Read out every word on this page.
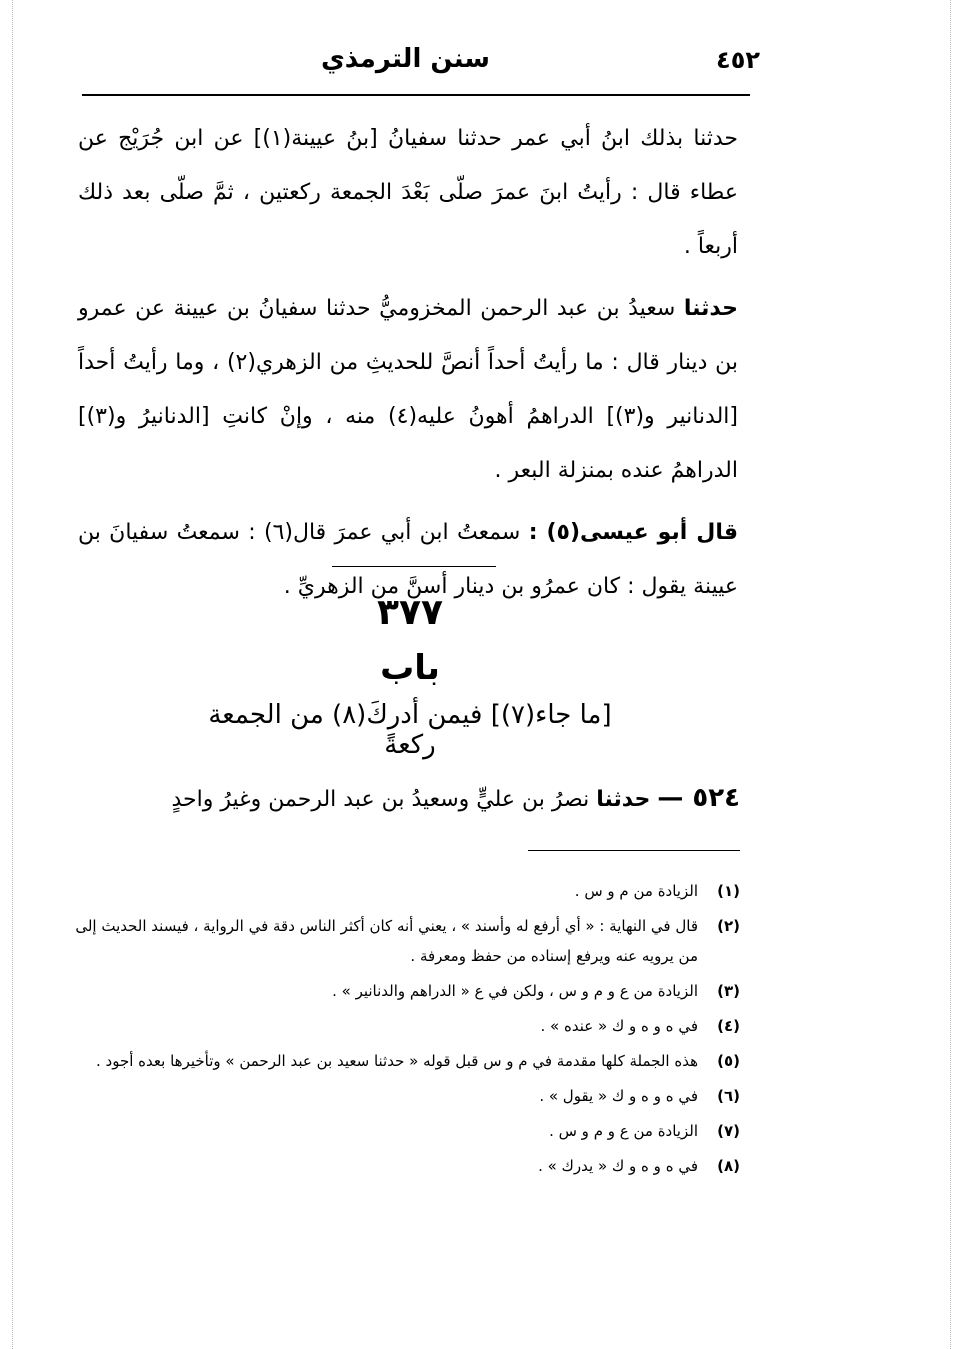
٤٥٢
سنن الترمذي

حدثنا بذلك ابنُ أبي عمر حدثنا سفيانُ [بنُ عيينة(١)] عن ابن جُرَيْج عن عطاء قال : رأيتُ ابنَ عمرَ صلّى بَعْدَ الجمعة ركعتين ، ثمَّ صلّى بعد ذلك أربعاً .

حدثنا سعيدُ بن عبد الرحمن المخزوميُّ حدثنا سفيانُ بن عيينة عن عمرو بن دينار قال : ما رأيتُ أحداً أنصَّ للحديثِ من الزهري(٢) ، وما رأيتُ أحداً [الدنانير و(٣)] الدراهمُ أهونُ عليه(٤) منه ، وإنْ كانتِ [الدنانيرُ و(٣)] الدراهمُ عنده بمنزلة البعر .

قال أبو عيسى(٥) : سمعتُ ابن أبي عمرَ قال(٦) : سمعتُ سفيانَ بن عيينة يقول : كان عمرُو بن دينار أسنَّ من الزهريِّ .

٣٧٧
باب
[ما جاء(٧)] فيمن أدركَ(٨) من الجمعة ركعةً
٥٢٤ — حدثنا نصرُ بن عليٍّ وسعيدُ بن عبد الرحمن وغيرُ واحدٍ
(١)
الزيادة من م و س .
(٢)
قال في النهاية : « أي أرفع له وأسند » ، يعني أنه كان أكثر الناس دقة في الرواية ، فيسند الحديث إلى من يرويه عنه ويرفع إسناده من حفظ ومعرفة .
(٣)
الزيادة من ع و م و س ، ولكن في ع « الدراهم والدنانير » .
(٤)
في ه و ه و ك « عنده » .
(٥)
هذه الجملة كلها مقدمة في م و س قبل قوله « حدثنا سعيد بن عبد الرحمن » وتأخيرها بعده أجود .
(٦)
في ه و ه و ك « يقول » .
(٧)
الزيادة من ع و م و س .
(٨)
في ه و ه و ك « يدرك » .
